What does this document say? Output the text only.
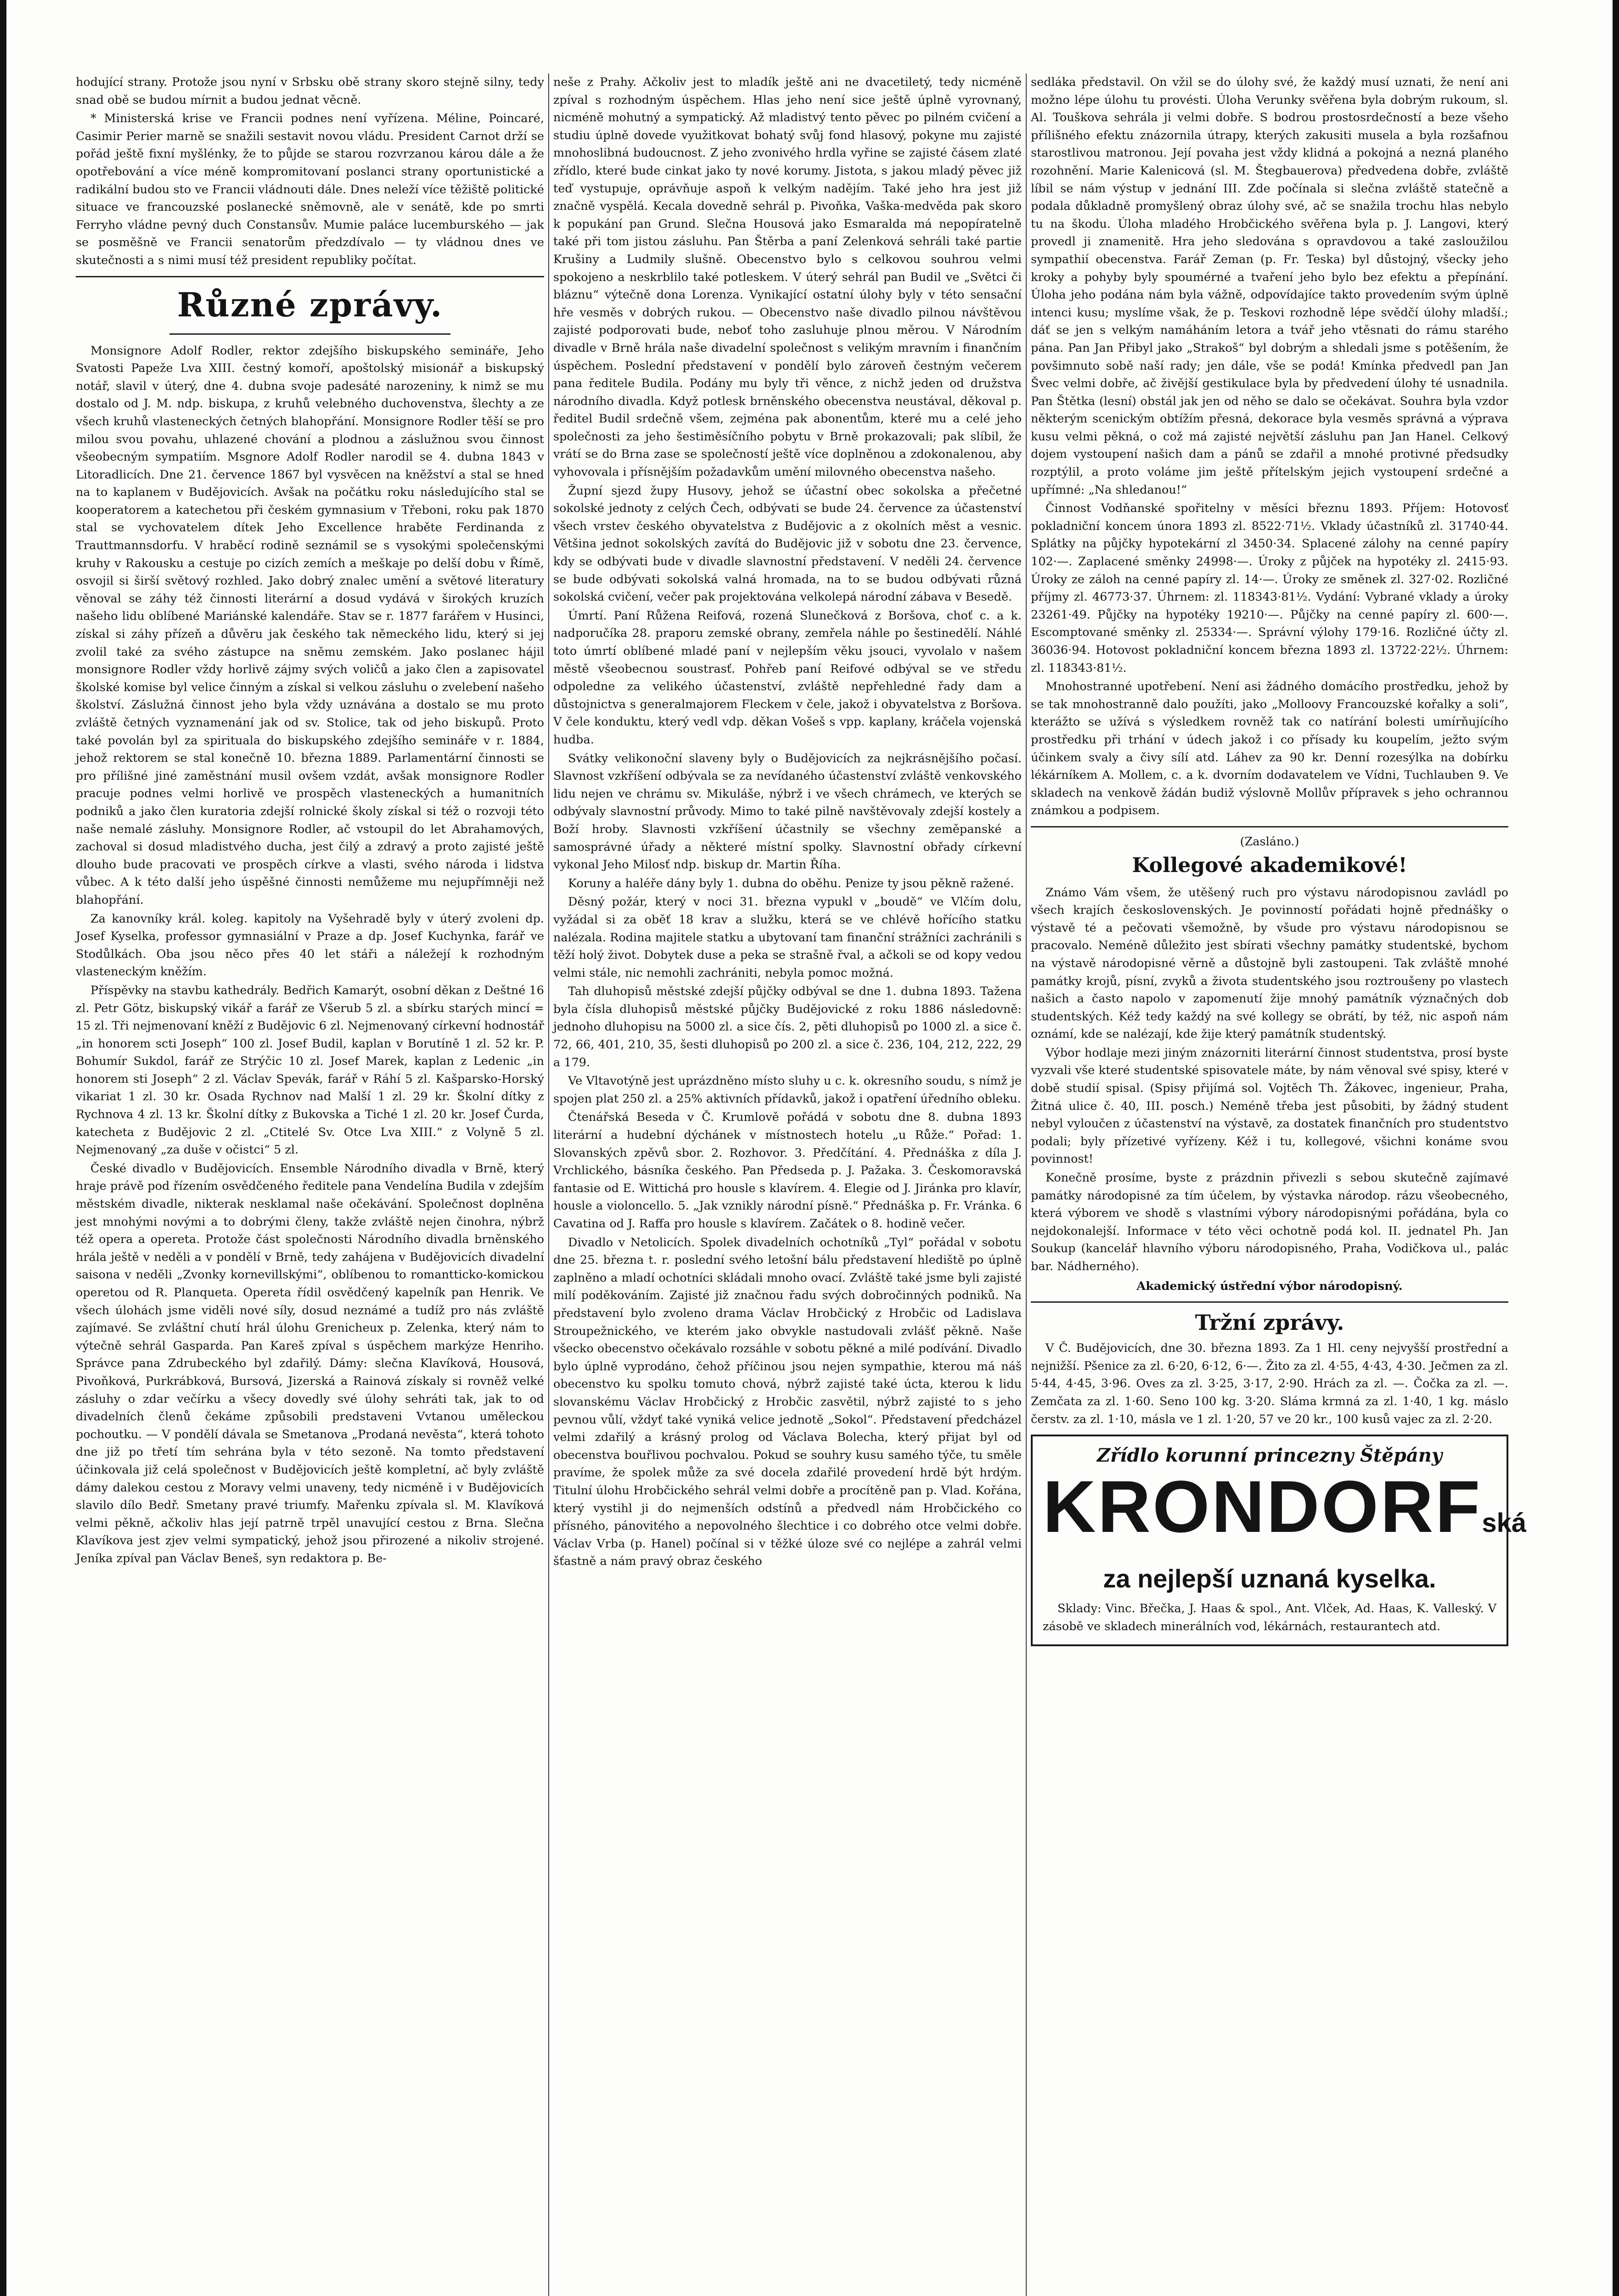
hodující strany. Protože jsou nyní v Srbsku obě strany skoro stejně silny, tedy snad obě se budou mírnit a budou jednat věcně.

* Ministerská krise ve Francii podnes není vyřízena. Méline, Poincaré, Casimir Perier marně se snažili sestavit novou vládu. President Carnot drží se pořád ještě fixní myšlénky, že to půjde se starou rozvrzanou károu dále a že opotřebování a více méně kompromitovaní poslanci strany oportunistické a radikální budou sto ve Francii vládnouti dále. Dnes neleží více těžiště politické situace ve francouzské poslanecké sněmovně, ale v senátě, kde po smrti Ferryho vládne pevný duch Constansův. Mumie paláce lucemburského — jak se posměšně ve Francii senatorům předzdívalo — ty vládnou dnes ve skutečnosti a s nimi musí též president republiky počítat.

Různé zprávy.

Monsignore Adolf Rodler, rektor zdejšího biskupského semináře, Jeho Svatosti Papeže Lva XIII. čestný komoří, apoštolský misionář a biskupský notář, slavil v úterý, dne 4. dubna svoje padesáté narozeniny, k nimž se mu dostalo od J. M. ndp. biskupa, z kruhů velebného duchovenstva, šlechty a ze všech kruhů vlasteneckých četných blahopřání. Monsignore Rodler těší se pro milou svou povahu, uhlazené chování a plodnou a záslužnou svou činnost všeobecným sympatiím. Msgnore Adolf Rodler narodil se 4. dubna 1843 v Litoradlicích. Dne 21. července 1867 byl vysvěcen na kněžství a stal se hned na to kaplanem v Budějovicích. Avšak na počátku roku následujícího stal se kooperatorem a katechetou při českém gymnasium v Třeboni, roku pak 1870 stal se vychovatelem dítek Jeho Excellence hraběte Ferdinanda z Trauttmannsdorfu. V hraběcí rodině seznámil se s vysokými společenskými kruhy v Rakousku a cestuje po cizích zemích a meškaje po delší dobu v Římě, osvojil si širší světový rozhled. Jako dobrý znalec umění a světové literatury věnoval se záhy též činnosti literární a dosud vydává v širokých kruzích našeho lidu oblíbené Mariánské kalendáře. Stav se r. 1877 farářem v Husinci, získal si záhy přízeň a důvěru jak českého tak německého lidu, který si jej zvolil také za svého zástupce na sněmu zemském. Jako poslanec hájil monsignore Rodler vždy horlivě zájmy svých voličů a jako člen a zapisovatel školské komise byl velice činným a získal si velkou zásluhu o zvelebení našeho školství. Záslužná činnost jeho byla vždy uznávána a dostalo se mu proto zvláště četných vyznamenání jak od sv. Stolice, tak od jeho biskupů. Proto také povolán byl za spirituala do biskupského zdejšího semináře v r. 1884, jehož rektorem se stal konečně 10. března 1889. Parlamentární činnosti se pro přílišné jiné zaměstnání musil ovšem vzdát, avšak monsignore Rodler pracuje podnes velmi horlivě ve prospěch vlasteneckých a humanitních podniků a jako člen kuratoria zdejší rolnické školy získal si též o rozvoji této naše nemalé zásluhy. Monsignore Rodler, ač vstoupil do let Abrahamových, zachoval si dosud mladistvého ducha, jest čilý a zdravý a proto zajisté ještě dlouho bude pracovati ve prospěch církve a vlasti, svého národa i lidstva vůbec. A k této další jeho úspěšné činnosti nemůžeme mu nejupřímněji než blahopřání.

Za kanovníky král. koleg. kapitoly na Vyšehradě byly v úterý zvoleni dp. Josef Kyselka, professor gymnasiální v Praze a dp. Josef Kuchynka, farář ve Stodůlkách. Oba jsou něco přes 40 let stáři a náležejí k rozhodným vlasteneckým kněžím.

Příspěvky na stavbu kathedrály. Bedřich Kamarýt, osobní děkan z Deštné 16 zl. Petr Götz, biskupský vikář a farář ze Všerub 5 zl. a sbírku starých mincí = 15 zl. Tři nejmenovaní kněží z Budějovic 6 zl. Nejmenovaný církevní hodnostář „in honorem scti Joseph“ 100 zl. Josef Budil, kaplan v Borutíně 1 zl. 52 kr. P. Bohumír Sukdol, farář ze Strýčic 10 zl. Josef Marek, kaplan z Ledenic „in honorem sti Joseph“ 2 zl. Václav Spevák, farář v Ráhí 5 zl. Kašparsko-Horský vikariat 1 zl. 30 kr. Osada Rychnov nad Malší 1 zl. 29 kr. Školní dítky z Rychnova 4 zl. 13 kr. Školní dítky z Bukovska a Tiché 1 zl. 20 kr. Josef Čurda, katecheta z Budějovic 2 zl. „Ctitelé Sv. Otce Lva XIII.“ z Volyně 5 zl. Nejmenovaný „za duše v očistci“ 5 zl.

České divadlo v Budějovicích. Ensemble Národního divadla v Brně, který hraje právě pod řízením osvědčeného ředitele pana Vendelína Budila v zdejším městském divadle, nikterak nesklamal naše očekávání. Společnost doplněna jest mnohými novými a to dobrými členy, takže zvláště nejen činohra, nýbrž též opera a opereta. Protože část společnosti Národního divadla brněnského hrála ještě v neděli a v pondělí v Brně, tedy zahájena v Budějovicích divadelní saisona v neděli „Zvonky kornevillskými“, oblíbenou to romantticko-komickou operetou od R. Planqueta. Opereta řídil osvědčený kapelník pan Henrik. Ve všech úlohách jsme viděli nové síly, dosud neznámé a tudíž pro nás zvláště zajímavé. Se zvláštní chutí hrál úlohu Grenicheux p. Zelenka, který nám to výtečně sehrál Gasparda. Pan Kareš zpíval s úspěchem markýze Henriho. Správce pana Zdrubeckého byl zdařilý. Dámy: slečna Klavíková, Housová, Pivoňková, Purkrábková, Bursová, Jizerská a Rainová získaly si rovněž velké zásluhy o zdar večírku a všecy dovedly své úlohy sehráti tak, jak to od divadelních členů čekáme způsobili predstaveni Vvtanou uměleckou pochoutku. — V pondělí dávala se Smetanova „Prodaná nevěsta“, která tohoto dne již po třetí tím sehrána byla v této sezoně. Na tomto představení účinkovala již celá společnost v Budějovicích ještě kompletní, ač byly zvláště dámy dalekou cestou z Moravy velmi unaveny, tedy nicméně i v Budějovicích slavilo dílo Bedř. Smetany pravé triumfy. Mařenku zpívala sl. M. Klavíková velmi pěkně, ačkoliv hlas její patrně trpěl unavující cestou z Brna. Slečna Klavíkova jest zjev velmi sympatický, jehož jsou přirozené a nikoliv strojené. Jeníka zpíval pan Václav Beneš, syn redaktora p. Be-

neše z Prahy. Ačkoliv jest to mladík ještě ani ne dvacetiletý, tedy nicméně zpíval s rozhodným úspěchem. Hlas jeho není sice ještě úplně vyrovnaný, nicméně mohutný a sympatický. Až mladistvý tento pěvec po pilném cvičení a studiu úplně dovede využitkovat bohatý svůj fond hlasový, pokyne mu zajisté mnohoslibná budoucnost. Z jeho zvonivého hrdla vyřine se zajisté čásem zlaté zřídlo, které bude cinkat jako ty nové korumy. Jistota, s jakou mladý pěvec již teď vystupuje, oprávňuje aspoň k velkým nadějím. Také jeho hra jest již značně vyspělá. Kecala dovedně sehrál p. Pivoňka, Vaška-medvěda pak skoro k popukání pan Grund. Slečna Housová jako Esmaralda má nepopíratelně také při tom jistou zásluhu. Pan Štěrba a paní Zelenková sehráli také partie Krušiny a Ludmily slušně. Obecenstvo bylo s celkovou souhrou velmi spokojeno a neskrblilo také potleskem. V úterý sehrál pan Budil ve „Světci či bláznu“ výtečně dona Lorenza. Vynikající ostatní úlohy byly v této sensační hře vesměs v dobrých rukou. — Obecenstvo naše divadlo pilnou návštěvou zajisté podporovati bude, neboť toho zasluhuje plnou měrou. V Národním divadle v Brně hrála naše divadelní společnost s velikým mravním i finančním úspěchem. Poslední představení v pondělí bylo zároveň čestným večerem pana ředitele Budila. Podány mu byly tři věnce, z nichž jeden od družstva národního divadla. Když potlesk brněnského obecenstva neustával, děkoval p. ředitel Budil srdečně všem, zejména pak abonentům, které mu a celé jeho společnosti za jeho šestiměsíčního pobytu v Brně prokazovali; pak slíbil, že vrátí se do Brna zase se společností ještě více doplněnou a zdokonalenou, aby vyhovovala i přísnějším požadavkům umění milovného obecenstva našeho.

Župní sjezd župy Husovy, jehož se účastní obec sokolska a přečetné sokolské jednoty z celých Čech, odbývati se bude 24. července za účastenství všech vrstev českého obyvatelstva z Budějovic a z okolních měst a vesnic. Většina jednot sokolských zavítá do Budějovic již v sobotu dne 23. července, kdy se odbývati bude v divadle slavnostní představení. V neděli 24. července se bude odbývati sokolská valná hromada, na to se budou odbývati různá sokolská cvičení, večer pak projektována velkolepá národní zábava v Besedě.

Úmrtí. Paní Růžena Reifová, rozená Slunečková z Boršova, choť c. a k. nadporučíka 28. praporu zemské obrany, zemřela náhle po šestinedělí. Náhlé toto úmrtí oblíbené mladé paní v nejlepším věku jsouci, vyvolalo v našem městě všeobecnou soustrasť. Pohřeb paní Reifové odbýval se ve středu odpoledne za velikého účastenství, zvláště nepřehledné řady dam a důstojnictva s generalmajorem Fleckem v čele, jakož i obyvatelstva z Boršova. V čele konduktu, který vedl vdp. děkan Vošeš s vpp. kaplany, kráčela vojenská hudba.

Svátky velikonoční slaveny byly o Budějovicích za nejkrásnějšího počasí. Slavnost vzkříšení odbývala se za nevídaného účastenství zvláště venkovského lidu nejen ve chrámu sv. Mikuláše, nýbrž i ve všech chrámech, ve kterých se odbývaly slavnostní průvody. Mimo to také pilně navštěvovaly zdejší kostely a Boží hroby. Slavnosti vzkříšení účastnily se všechny zeměpanské a samosprávné úřady a některé místní spolky. Slavnostní obřady církevní vykonal Jeho Milosť ndp. biskup dr. Martin Říha.

Koruny a haléře dány byly 1. dubna do oběhu. Penize ty jsou pěkně ražené.

Děsný požár, který v noci 31. března vypukl v „boudě“ ve Vlčím dolu, vyžádal si za oběť 18 krav a služku, která se ve chlévě hořícího statku nalézala. Rodina majitele statku a ubytovaní tam finanční strážníci zachránili s těží holý život. Dobytek duse a peka se strašně řval, a ačkoli se od kopy vedou velmi stále, nic nemohli zachrániti, nebyla pomoc možná.

Tah dluhopisů městské zdejší půjčky odbýval se dne 1. dubna 1893. Tažena byla čísla dluhopisů městské půjčky Budějovické z roku 1886 následovně: jednoho dluhopisu na 5000 zl. a sice čís. 2, pěti dluhopisů po 1000 zl. a sice č. 72, 66, 401, 210, 35, šesti dluhopisů po 200 zl. a sice č. 236, 104, 212, 222, 29 a 179.

Ve Vltavotýně jest uprázdněno místo sluhy u c. k. okresního soudu, s nímž je spojen plat 250 zl. a 25% aktivních přídavků, jakož i opatření úředního obleku.

Čtenářská Beseda v Č. Krumlově pořádá v sobotu dne 8. dubna 1893 literární a hudební dýchánek v místnostech hotelu „u Růže.“ Pořad: 1. Slovanských zpěvů sbor. 2. Rozhovor. 3. Předčítání. 4. Přednáška z díla J. Vrchlického, básníka českého. Pan Předseda p. J. Pažaka. 3. Českomoravská fantasie od E. Wittichá pro housle s klavírem. 4. Elegie od J. Jiránka pro klavír, housle a violoncello. 5. „Jak vznikly národní písně.“ Přednáška p. Fr. Vránka. 6 Cavatina od J. Raffa pro housle s klavírem. Začátek o 8. hodině večer.

Divadlo v Netolicích. Spolek divadelních ochotníků „Tyl“ pořádal v sobotu dne 25. března t. r. poslední svého letošní bálu představení hlediště po úplně zaplněno a mladí ochotníci skládali mnoho ovací. Zvláště také jsme byli zajisté milí poděkováním. Zajisté již značnou řadu svých dobročinných podniků. Na představení bylo zvoleno drama Václav Hrobčický z Hrobčic od Ladislava Stroupežnického, ve kterém jako obvykle nastudovali zvlášť pěkně. Naše všecko obecenstvo očekávalo rozsáhle v sobotu pěkné a milé podívání. Divadlo bylo úplně vyprodáno, čehož příčinou jsou nejen sympathie, kterou má náš obecenstvo ku spolku tomuto chová, nýbrž zajisté také úcta, kterou k lidu slovanskému Václav Hrobčický z Hrobčic zasvětil, nýbrž zajisté to s jeho pevnou vůlí, vždyť také vyniká velice jednotě „Sokol“. Představení předcházel velmi zdařilý a krásný prolog od Václava Bolecha, který přijat byl od obecenstva bouřlivou pochvalou. Pokud se souhry kusu samého týče, tu směle pravíme, že spolek může za své docela zdařilé provedení hrdě být hrdým. Titulní úlohu Hrobčického sehrál velmi dobře a procítěně pan p. Vlad. Kořána, který vystihl ji do nejmenších odstínů a předvedl nám Hrobčického co přísného, pánovitého a nepovolného šlechtice i co dobrého otce velmi dobře. Václav Vrba (p. Hanel) počínal si v těžké úloze své co nejlépe a zahrál velmi šťastně a nám pravý obraz českého

sedláka představil. On vžil se do úlohy své, že každý musí uznati, že není ani možno lépe úlohu tu provésti. Úloha Verunky svěřena byla dobrým rukoum, sl. Al. Touškova sehrála ji velmi dobře. S bodrou prostosrdečností a beze všeho přílišného efektu znázornila útrapy, kterých zakusiti musela a byla rozšafnou starostlivou matronou. Její povaha jest vždy klidná a pokojná a nezná planého rozohnění. Marie Kalenicová (sl. M. Štegbauerova) předvedena dobře, zvláště líbil se nám výstup v jednání III. Zde počínala si slečna zvláště statečně a podala důkladně promyšlený obraz úlohy své, ač se snažila trochu hlas nebylo tu na škodu. Úloha mladého Hrobčického svěřena byla p. J. Langovi, který provedl ji znamenitě. Hra jeho sledována s opravdovou a také zasloužilou sympathií obecenstva. Farář Zeman (p. Fr. Teska) byl důstojný, všecky jeho kroky a pohyby byly spoumérné a tvaření jeho bylo bez efektu a přepínání. Úloha jeho podána nám byla vážně, odpovídajíce takto provedením svým úplně intenci kusu; myslíme však, že p. Teskovi rozhodně lépe svědčí úlohy mladší.; dáť se jen s velkým namáháním letora a tvář jeho vtěsnati do rámu starého pána. Pan Jan Přibyl jako „Strakoš“ byl dobrým a shledali jsme s potěšením, že povšimnuto sobě naší rady; jen dále, vše se podá! Kmínka předvedl pan Jan Švec velmi dobře, ač živější gestikulace byla by předvedení úlohy té usnadnila. Pan Štětka (lesní) obstál jak jen od něho se dalo se očekávat. Souhra byla vzdor některým scenickým obtížím přesná, dekorace byla vesměs správná a výprava kusu velmi pěkná, o což má zajisté největší zásluhu pan Jan Hanel. Celkový dojem vystoupení našich dam a pánů se zdařil a mnohé protivné předsudky rozptýlil, a proto voláme jim ještě přítelským jejich vystoupení srdečné a upřímné: „Na shledanou!“

Činnost Vodňanské spořitelny v měsíci březnu 1893. Příjem: Hotovosť pokladniční koncem února 1893 zl. 8522·71½. Vklady účastníků zl. 31740·44. Splátky na půjčky hypotekární zl 3450·34. Splacené zálohy na cenné papíry 102·—. Zaplacené směnky 24998·—. Úroky z půjček na hypotéky zl. 2415·93. Úroky ze záloh na cenné papíry zl. 14·—. Úroky ze směnek zl. 327·02. Rozličné příjmy zl. 46773·37. Úhrnem: zl. 118343·81½. Vydání: Vybrané vklady a úroky 23261·49. Půjčky na hypotéky 19210·—. Půjčky na cenné papíry zl. 600·—. Escomptované směnky zl. 25334·—. Správní výlohy 179·16. Rozličné účty zl. 36036·94. Hotovost pokladniční koncem března 1893 zl. 13722·22½. Úhrnem: zl. 118343·81½.

Mnohostranné upotřebení. Není asi žádného domácího prostředku, jehož by se tak mnohostranně dalo použíti, jako „Molloovy Francouzské kořalky a soli“, kterážto se užívá s výsledkem rovněž tak co natírání bolesti umírňujícího prostředku při trhání v údech jakož i co přísady ku koupelím, ježto svým účinkem svaly a čivy sílí atd. Láhev za 90 kr. Denní rozesýlka na dobírku lékárníkem A. Mollem, c. a k. dvorním dodavatelem ve Vídni, Tuchlauben 9. Ve skladech na venkově žádán budiž výslovně Mollův přípravek s jeho ochrannou známkou a podpisem.

(Zasláno.)
Kollegové akademikové!

Známo Vám všem, že utěšený ruch pro výstavu národopisnou zavládl po všech krajích československých. Je povinností pořádati hojně přednášky o výstavě té a pečovati všemožně, by všude pro výstavu národopisnou se pracovalo. Neméně důležito jest sbírati všechny památky studentské, bychom na výstavě národopisné věrně a důstojně byli zastoupeni. Tak zvláště mnohé památky krojů, písní, zvyků a života studentského jsou roztroušeny po vlastech našich a často napolo v zapomenutí žije mnohý památník význačných dob studentských. Kéž tedy každý na své kollegy se obrátí, by též, nic aspoň nám oznámí, kde se nalézají, kde žije který památník studentský.

Výbor hodlaje mezi jiným znázorniti literární činnost studentstva, prosí byste vyzvali vše které studentské spisovatele máte, by nám věnoval své spisy, které v době studií spisal. (Spisy přijímá sol. Vojtěch Th. Žákovec, ingenieur, Praha, Žitná ulice č. 40, III. posch.) Neméně třeba jest působiti, by žádný student nebyl vyloučen z účastenství na výstavě, za dostatek finančních pro studentstvo podali; byly přízetivé vyřízeny. Kéž i tu, kollegové, všichni konáme svou povinnost!

Konečně prosíme, byste z prázdnin přivezli s sebou skutečně zajímavé památky národopisné za tím účelem, by výstavka národop. rázu všeobecného, která výborem ve shodě s vlastními výbory národopisnými pořádána, byla co nejdokonalejší. Informace v této věci ochotně podá kol. II. jednatel Ph. Jan Soukup (kancelář hlavního výboru národopisného, Praha, Vodičkova ul., palác bar. Nádherného).

Akademický ústřední výbor národopisný.
Tržní zprávy.

V Č. Budějovicích, dne 30. března 1893. Za 1 Hl. ceny nejvyšší prostřední a nejnižší. Pšenice za zl. 6·20, 6·12, 6·—. Žito za zl. 4·55, 4·43, 4·30. Ječmen za zl. 5·44, 4·45, 3·96. Oves za zl. 3·25, 3·17, 2·90. Hrách za zl. —. Čočka za zl. —. Zemčata za zl. 1·60. Seno 100 kg. 3·20. Sláma krmná za zl. 1·40, 1 kg. máslo čerstv. za zl. 1·10, másla ve 1 zl. 1·20, 57 ve 20 kr., 100 kusů vajec za zl. 2·20.

Zřídlo korunní princezny Štěpány
KRONDORFská
za nejlepší uznaná kyselka.

Sklady: Vinc. Břečka, J. Haas & spol., Ant. Vlček, Ad. Haas, K. Valleský. V zásobě ve skladech minerálních vod, lékárnách, restaurantech atd.
